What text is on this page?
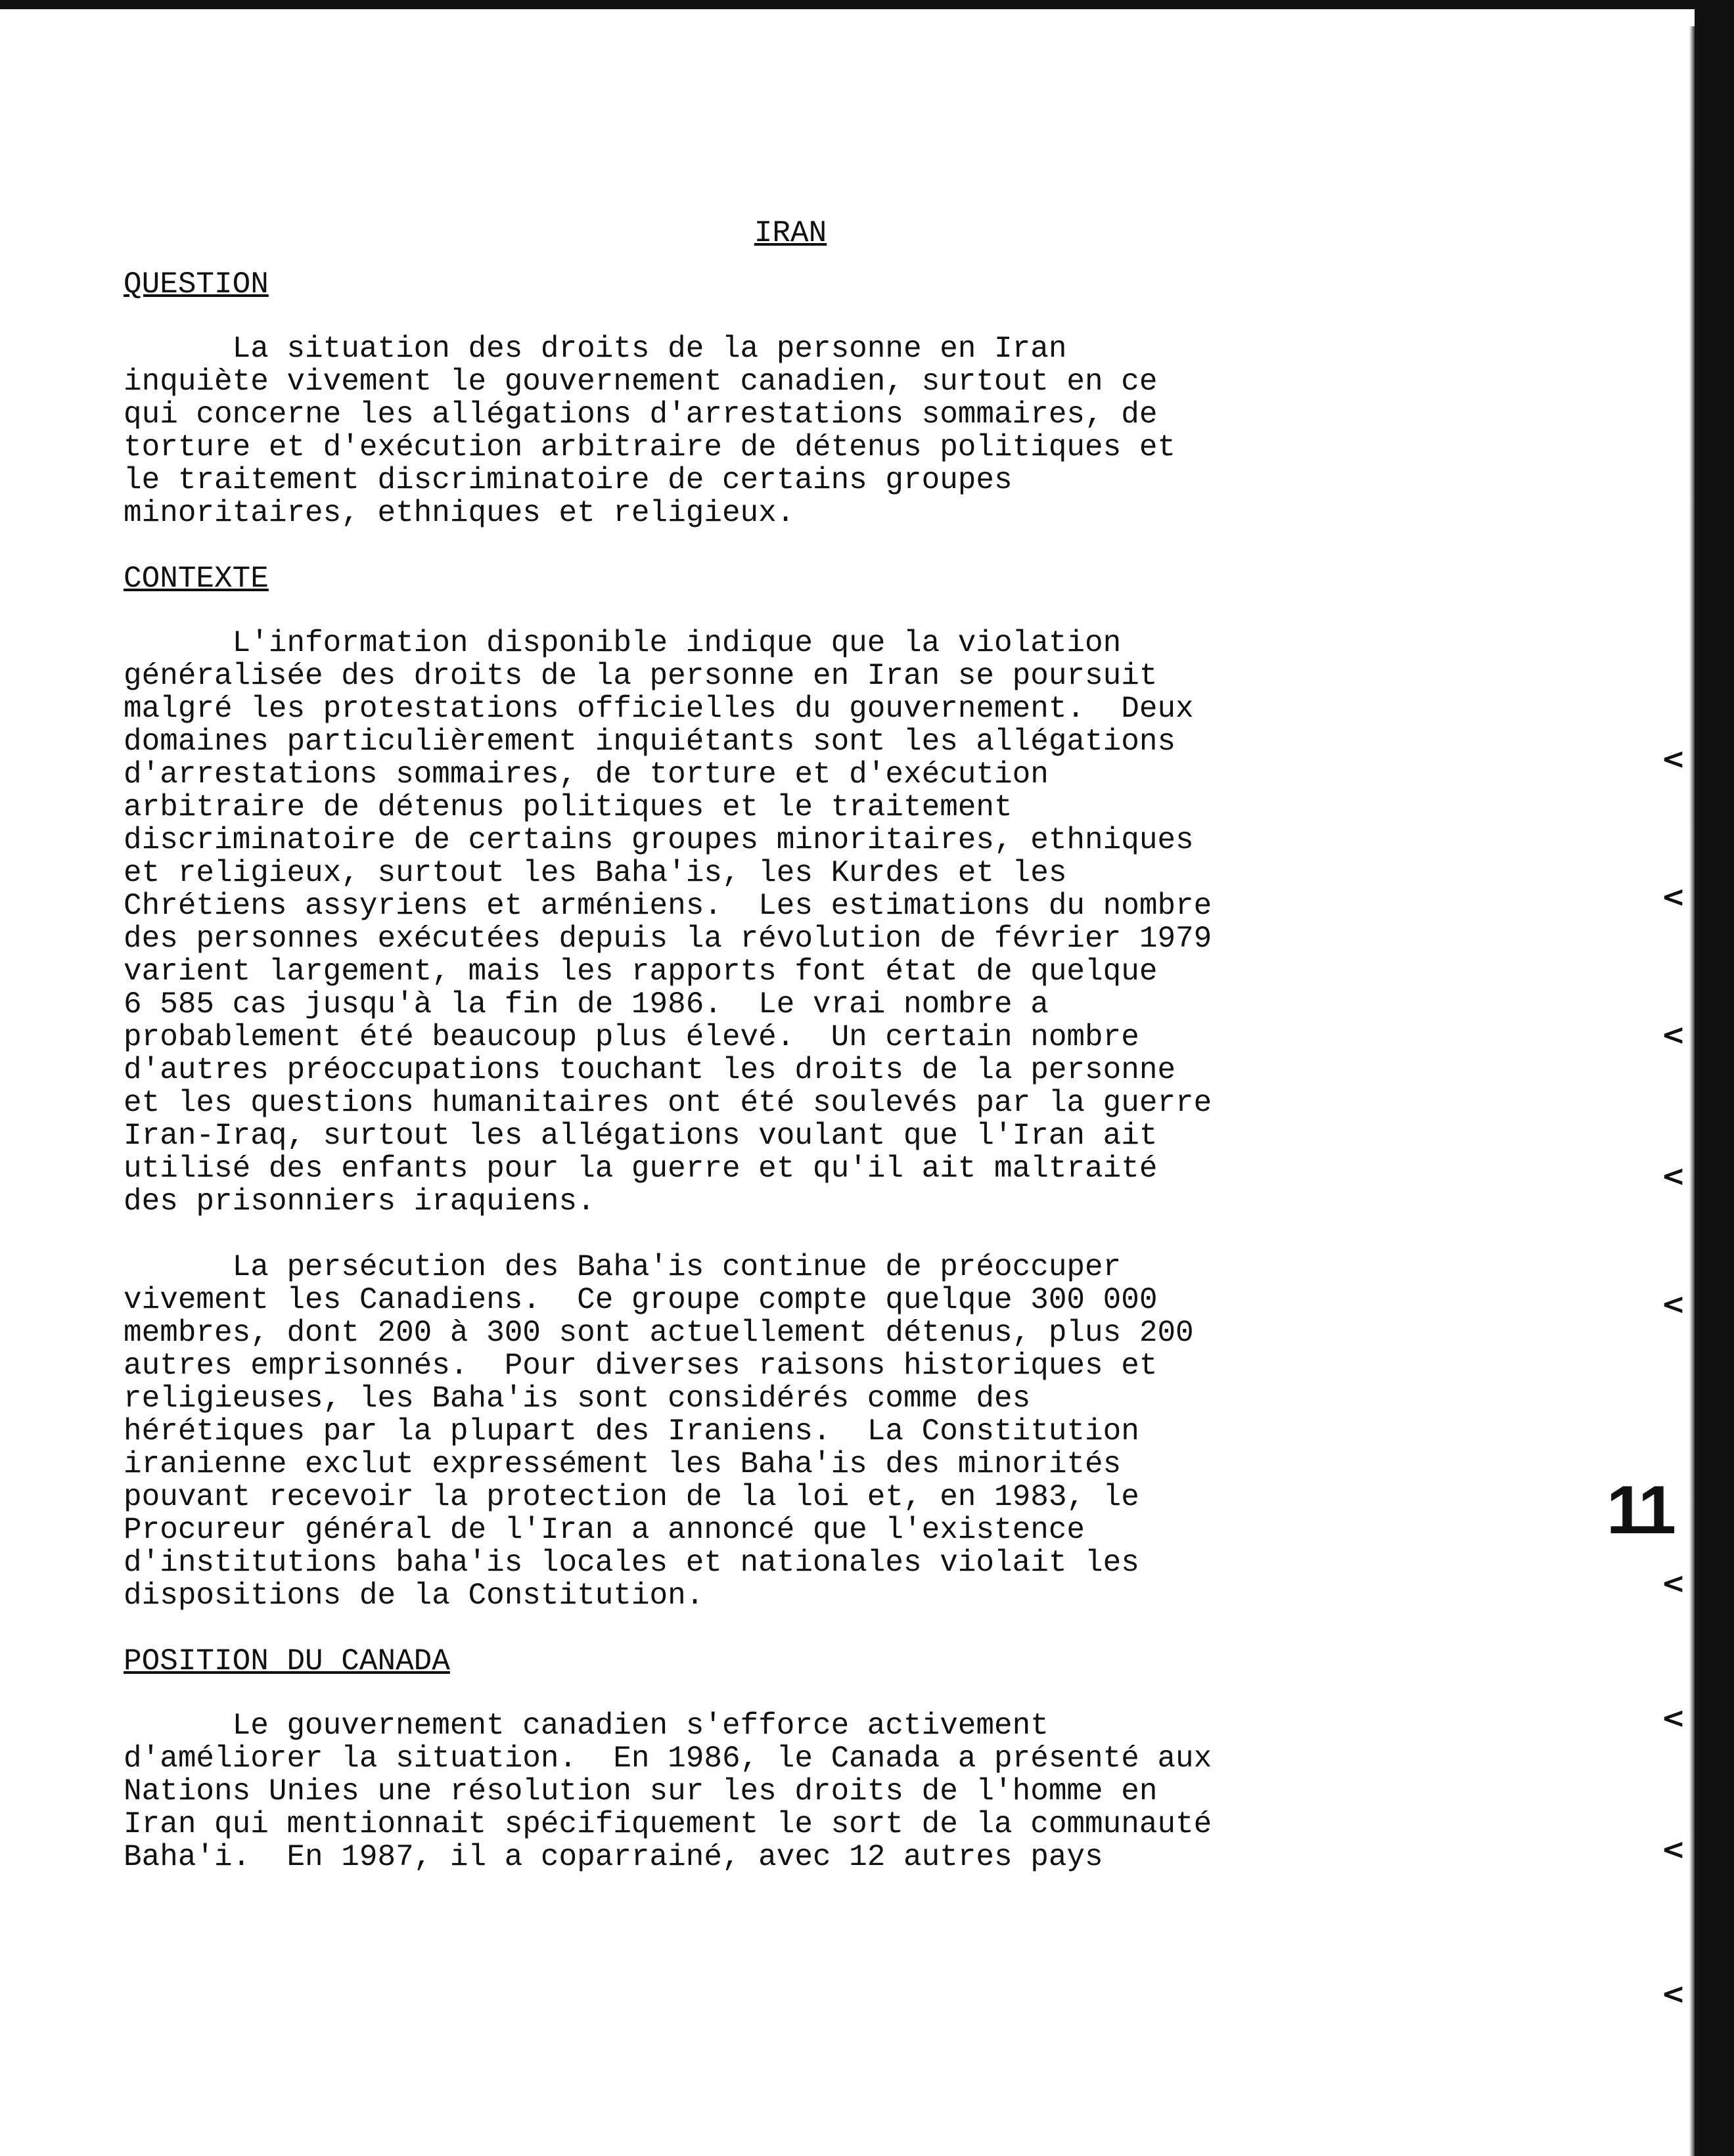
<
<
<
<
<
<
<
<
<
11
IRAN
QUESTION
La situation des droits de la personne en Iran
inquiète vivement le gouvernement canadien, surtout en ce
qui concerne les allégations d'arrestations sommaires, de
torture et d'exécution arbitraire de détenus politiques et
le traitement discriminatoire de certains groupes
minoritaires, ethniques et religieux.
CONTEXTE
L'information disponible indique que la violation
généralisée des droits de la personne en Iran se poursuit
malgré les protestations officielles du gouvernement.  Deux
domaines particulièrement inquiétants sont les allégations
d'arrestations sommaires, de torture et d'exécution
arbitraire de détenus politiques et le traitement
discriminatoire de certains groupes minoritaires, ethniques
et religieux, surtout les Baha'is, les Kurdes et les
Chrétiens assyriens et arméniens.  Les estimations du nombre
des personnes exécutées depuis la révolution de février 1979
varient largement, mais les rapports font état de quelque
6 585 cas jusqu'à la fin de 1986.  Le vrai nombre a
probablement été beaucoup plus élevé.  Un certain nombre
d'autres préoccupations touchant les droits de la personne
et les questions humanitaires ont été soulevés par la guerre
Iran-Iraq, surtout les allégations voulant que l'Iran ait
utilisé des enfants pour la guerre et qu'il ait maltraité
des prisonniers iraquiens.
La persécution des Baha'is continue de préoccuper
vivement les Canadiens.  Ce groupe compte quelque 300 000
membres, dont 200 à 300 sont actuellement détenus, plus 200
autres emprisonnés.  Pour diverses raisons historiques et
religieuses, les Baha'is sont considérés comme des
hérétiques par la plupart des Iraniens.  La Constitution
iranienne exclut expressément les Baha'is des minorités
pouvant recevoir la protection de la loi et, en 1983, le
Procureur général de l'Iran a annoncé que l'existence
d'institutions baha'is locales et nationales violait les
dispositions de la Constitution.
POSITION DU CANADA
Le gouvernement canadien s'efforce activement
d'améliorer la situation.  En 1986, le Canada a présenté aux
Nations Unies une résolution sur les droits de l'homme en
Iran qui mentionnait spécifiquement le sort de la communauté
Baha'i.  En 1987, il a coparrainé, avec 12 autres pays
